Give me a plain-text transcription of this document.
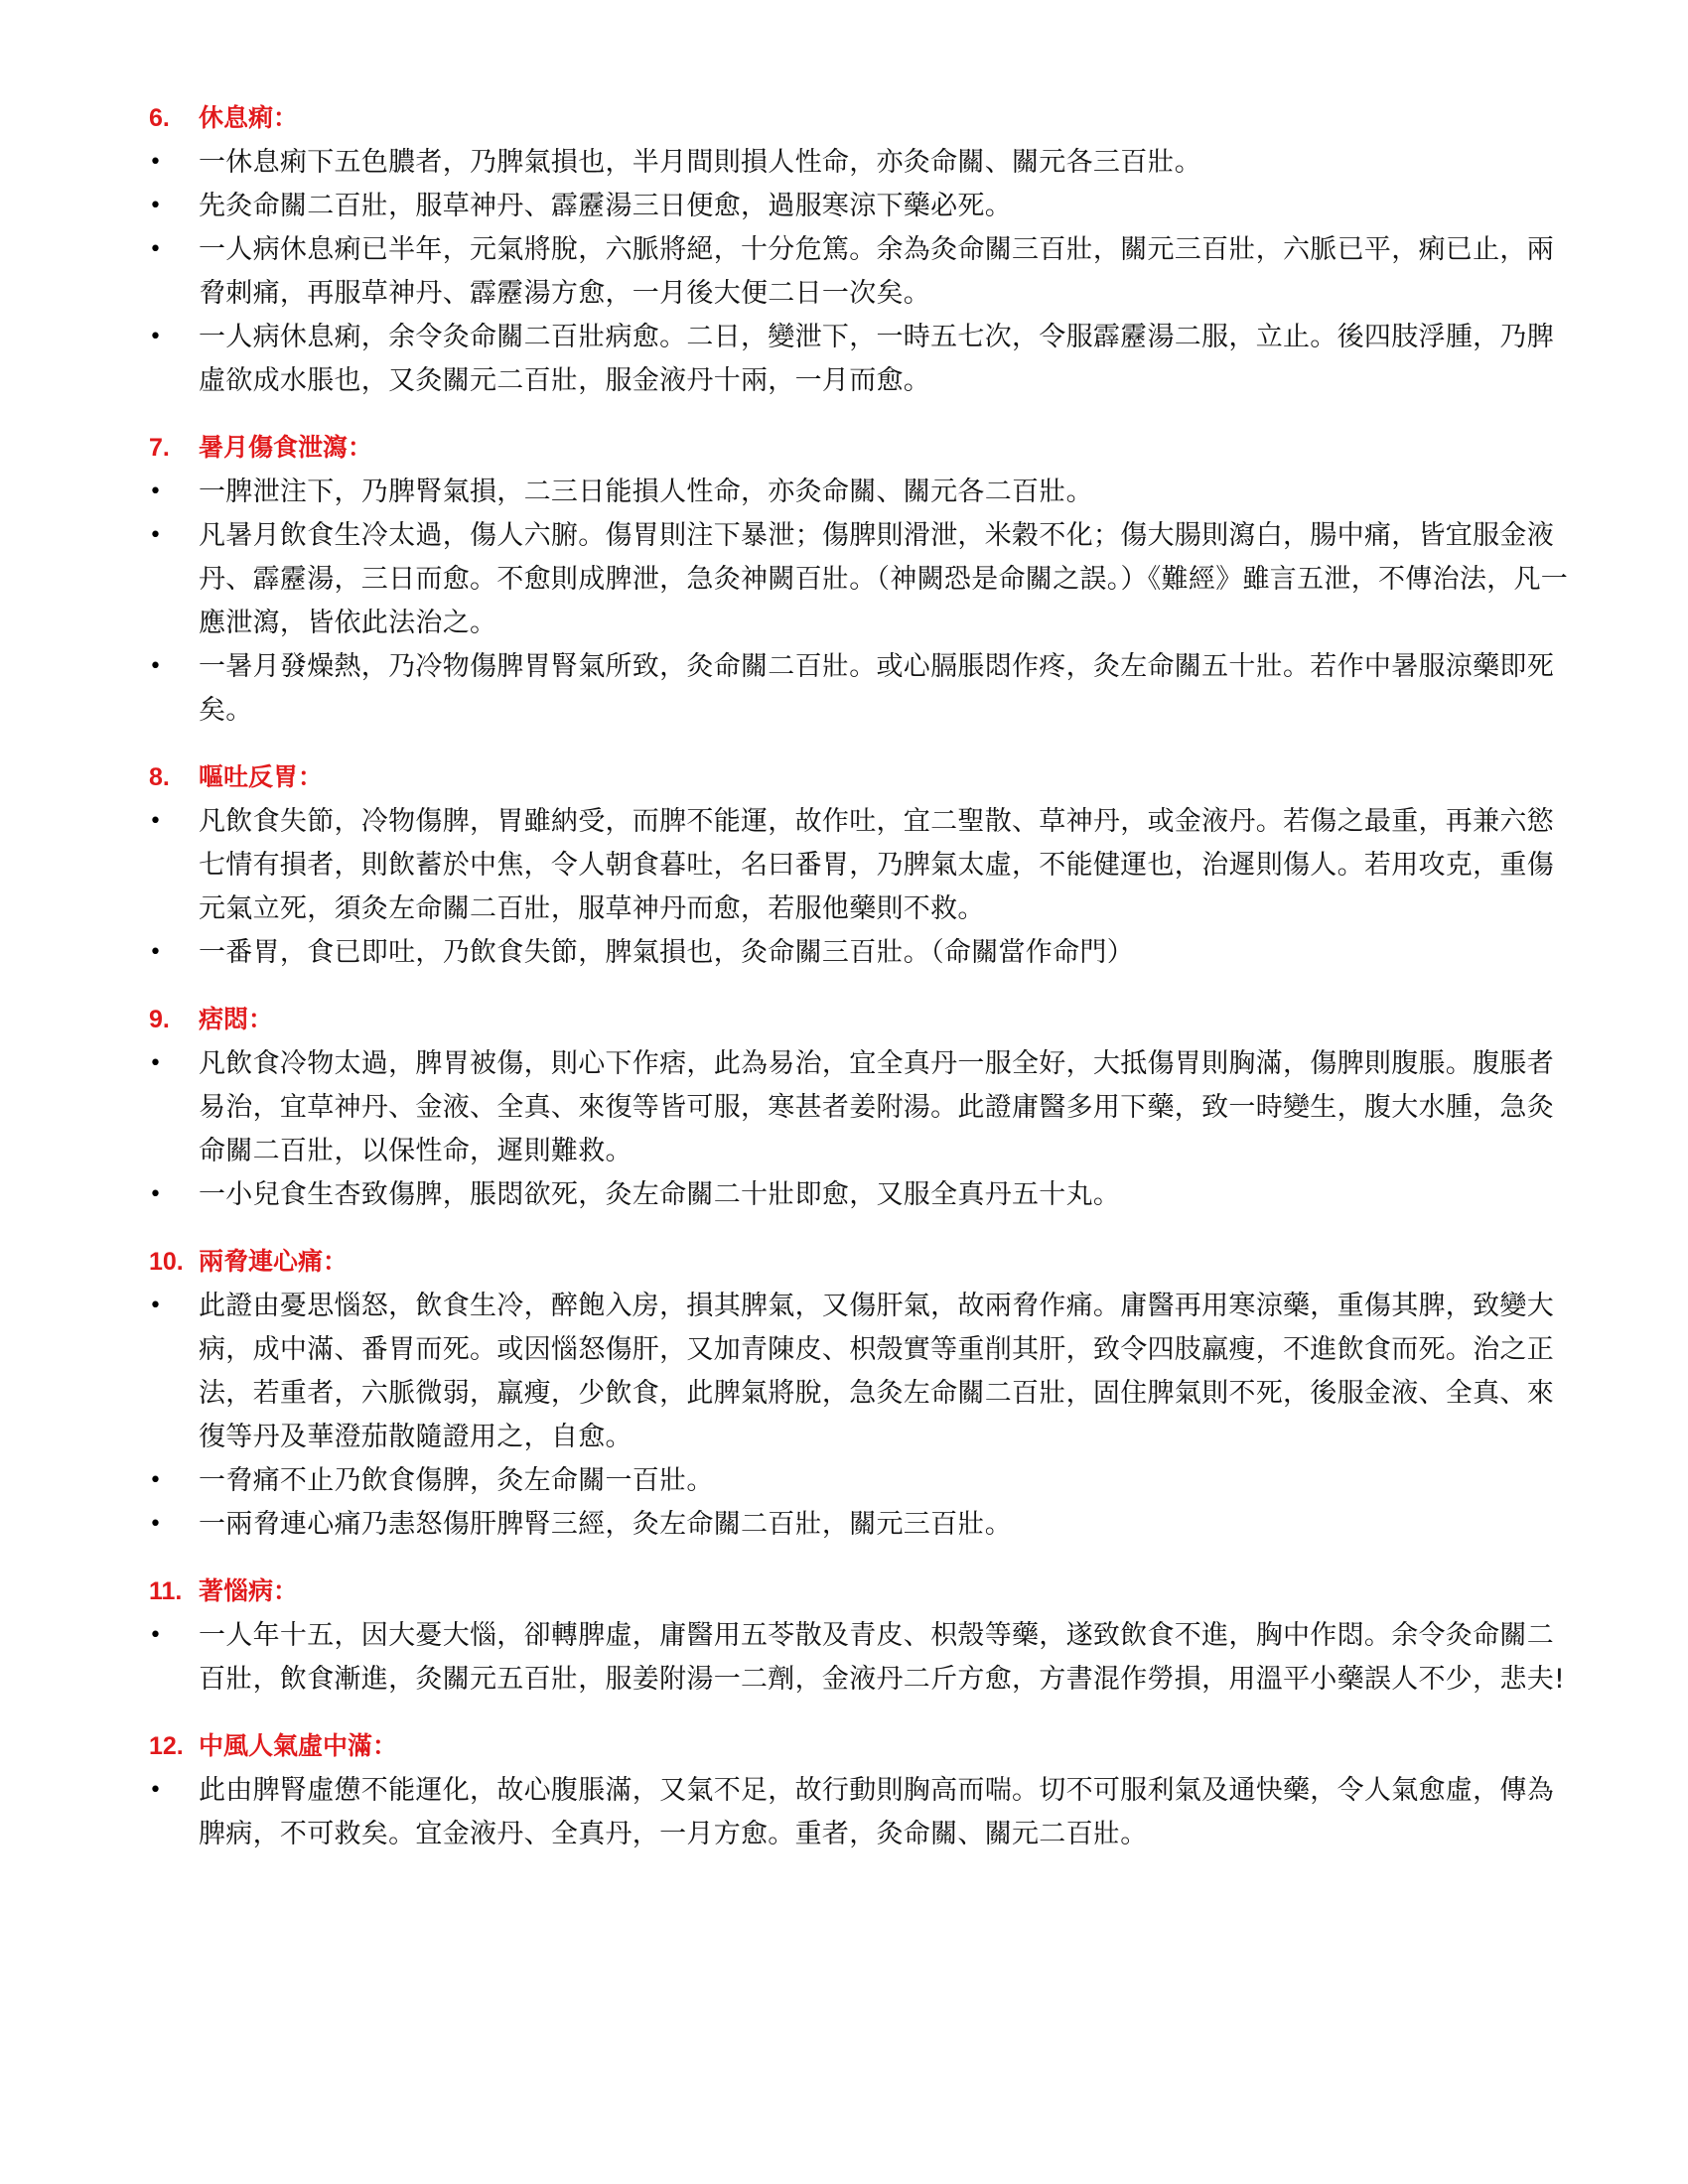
6.	休息痢：
• 一休息痢下五色膿者，乃脾氣損也，半月間則損人性命，亦灸命關、關元各三百壯。
• 先灸命關二百壯，服草神丹、霹靂湯三日便愈，過服寒涼下藥必死。
• 一人病休息痢已半年，元氣將脫，六脈將絕，十分危篤。余為灸命關三百壯，關元三百壯，六脈已平，痢已止，兩脅刺痛，再服草神丹、霹靂湯方愈，一月後大便二日一次矣。
• 一人病休息痢，余令灸命關二百壯病愈。二日，變泄下，一時五七次，令服霹靂湯二服，立止。後四肢浮腫，乃脾虛欲成水脹也，又灸關元二百壯，服金液丹十兩，一月而愈。
7.	暑月傷食泄瀉：
• 一脾泄注下，乃脾腎氣損，二三日能損人性命，亦灸命關、關元各二百壯。
• 凡暑月飲食生冷太過，傷人六腑。傷胃則注下暴泄；傷脾則滑泄，米穀不化；傷大腸則瀉白，腸中痛，皆宜服金液丹、霹靂湯，三日而愈。不愈則成脾泄，急灸神闕百壯。（神闕恐是命關之誤。）《難經》雖言五泄，不傳治法，凡一應泄瀉，皆依此法治之。
• 一暑月發燥熱，乃冷物傷脾胃腎氣所致，灸命關二百壯。或心膈脹悶作疼，灸左命關五十壯。若作中暑服涼藥即死矣。
8.	嘔吐反胃：
• 凡飲食失節，冷物傷脾，胃雖納受，而脾不能運，故作吐，宜二聖散、草神丹，或金液丹。若傷之最重，再兼六慾七情有損者，則飲蓄於中焦，令人朝食暮吐，名曰番胃，乃脾氣太虛，不能健運也，治遲則傷人。若用攻克，重傷元氣立死，須灸左命關二百壯，服草神丹而愈，若服他藥則不救。
• 一番胃，食已即吐，乃飲食失節，脾氣損也，灸命關三百壯。（命關當作命門）
9.	痞悶：
• 凡飲食冷物太過，脾胃被傷，則心下作痞，此為易治，宜全真丹一服全好，大抵傷胃則胸滿，傷脾則腹脹。腹脹者易治，宜草神丹、金液、全真、來復等皆可服，寒甚者姜附湯。此證庸醫多用下藥，致一時變生，腹大水腫，急灸命關二百壯，以保性命，遲則難救。
• 一小兒食生杏致傷脾，脹悶欲死，灸左命關二十壯即愈，又服全真丹五十丸。
10. 兩脅連心痛：
• 此證由憂思惱怒，飲食生冷，醉飽入房，損其脾氣，又傷肝氣，故兩脅作痛。庸醫再用寒涼藥，重傷其脾，致變大病，成中滿、番胃而死。或因惱怒傷肝，又加青陳皮、枳殼實等重削其肝，致令四肢羸瘦，不進飲食而死。治之正法，若重者，六脈微弱，羸瘦，少飲食，此脾氣將脫，急灸左命關二百壯，固住脾氣則不死，後服金液、全真、來復等丹及華澄茄散隨證用之，自愈。
• 一脅痛不止乃飲食傷脾，灸左命關一百壯。
• 一兩脅連心痛乃恚怒傷肝脾腎三經，灸左命關二百壯，關元三百壯。
11. 著惱病：
• 一人年十五，因大憂大惱，卻轉脾虛，庸醫用五苓散及青皮、枳殼等藥，遂致飲食不進，胸中作悶。余令灸命關二百壯，飲食漸進，灸關元五百壯，服姜附湯一二劑，金液丹二斤方愈，方書混作勞損，用溫平小藥誤人不少，悲夫!
12. 中風人氣虛中滿：
• 此由脾腎虛憊不能運化，故心腹脹滿，又氣不足，故行動則胸高而喘。切不可服利氣及通快藥，令人氣愈虛，傳為脾病，不可救矣。宜金液丹、全真丹，一月方愈。重者，灸命關、關元二百壯。
